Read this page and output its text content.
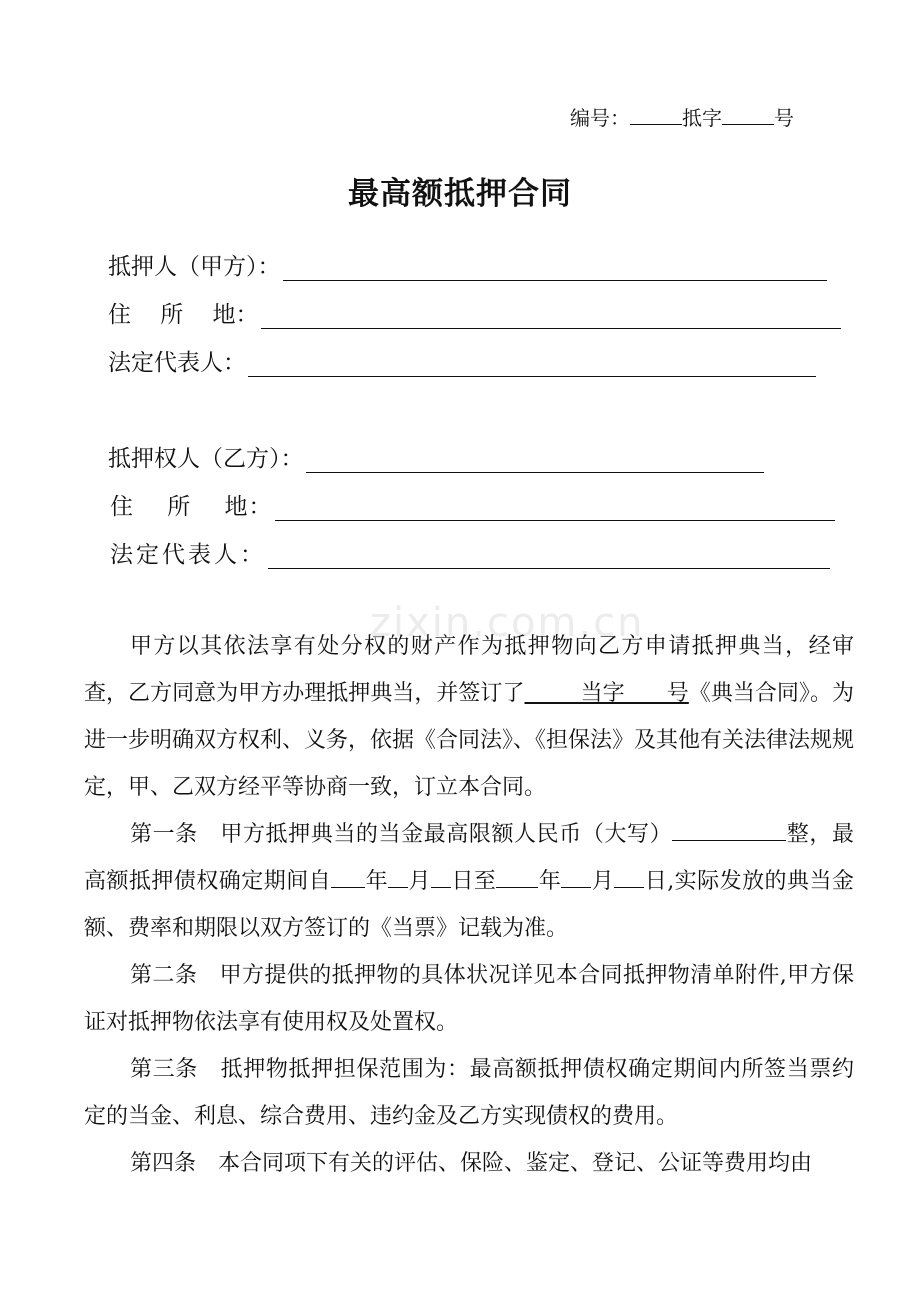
编号：	抵字	号
最高额抵押合同
抵押人（甲方）：
住    所    地：
法定代表人：
抵押权人（乙方）：
住    所    地：
法定代表人：
zixin.com.cn

甲方以其依法享有处分权的财产作为抵押物向乙方申请抵押典当，经审查，乙方同意为甲方办理抵押典当，并签订了        当字      号《典当合同》。为进一步明确双方权利、义务，依据《合同法》、《担保法》及其他有关法律法规规定，甲、乙双方经平等协商一致，订立本合同。

第一条　甲方抵押典当的当金最高限额人民币（大写）	整，最高额抵押债权确定期间自 年 月 日至 年 月 日,实际发放的典当金额、费率和期限以双方签订的《当票》记载为准。

第二条　甲方提供的抵押物的具体状况详见本合同抵押物清单附件,甲方保证对抵押物依法享有使用权及处置权。

第三条　抵押物抵押担保范围为：最高额抵押债权确定期间内所签当票约定的当金、利息、综合费用、违约金及乙方实现债权的费用。

第四条　本合同项下有关的评估、保险、鉴定、登记、公证等费用均由
